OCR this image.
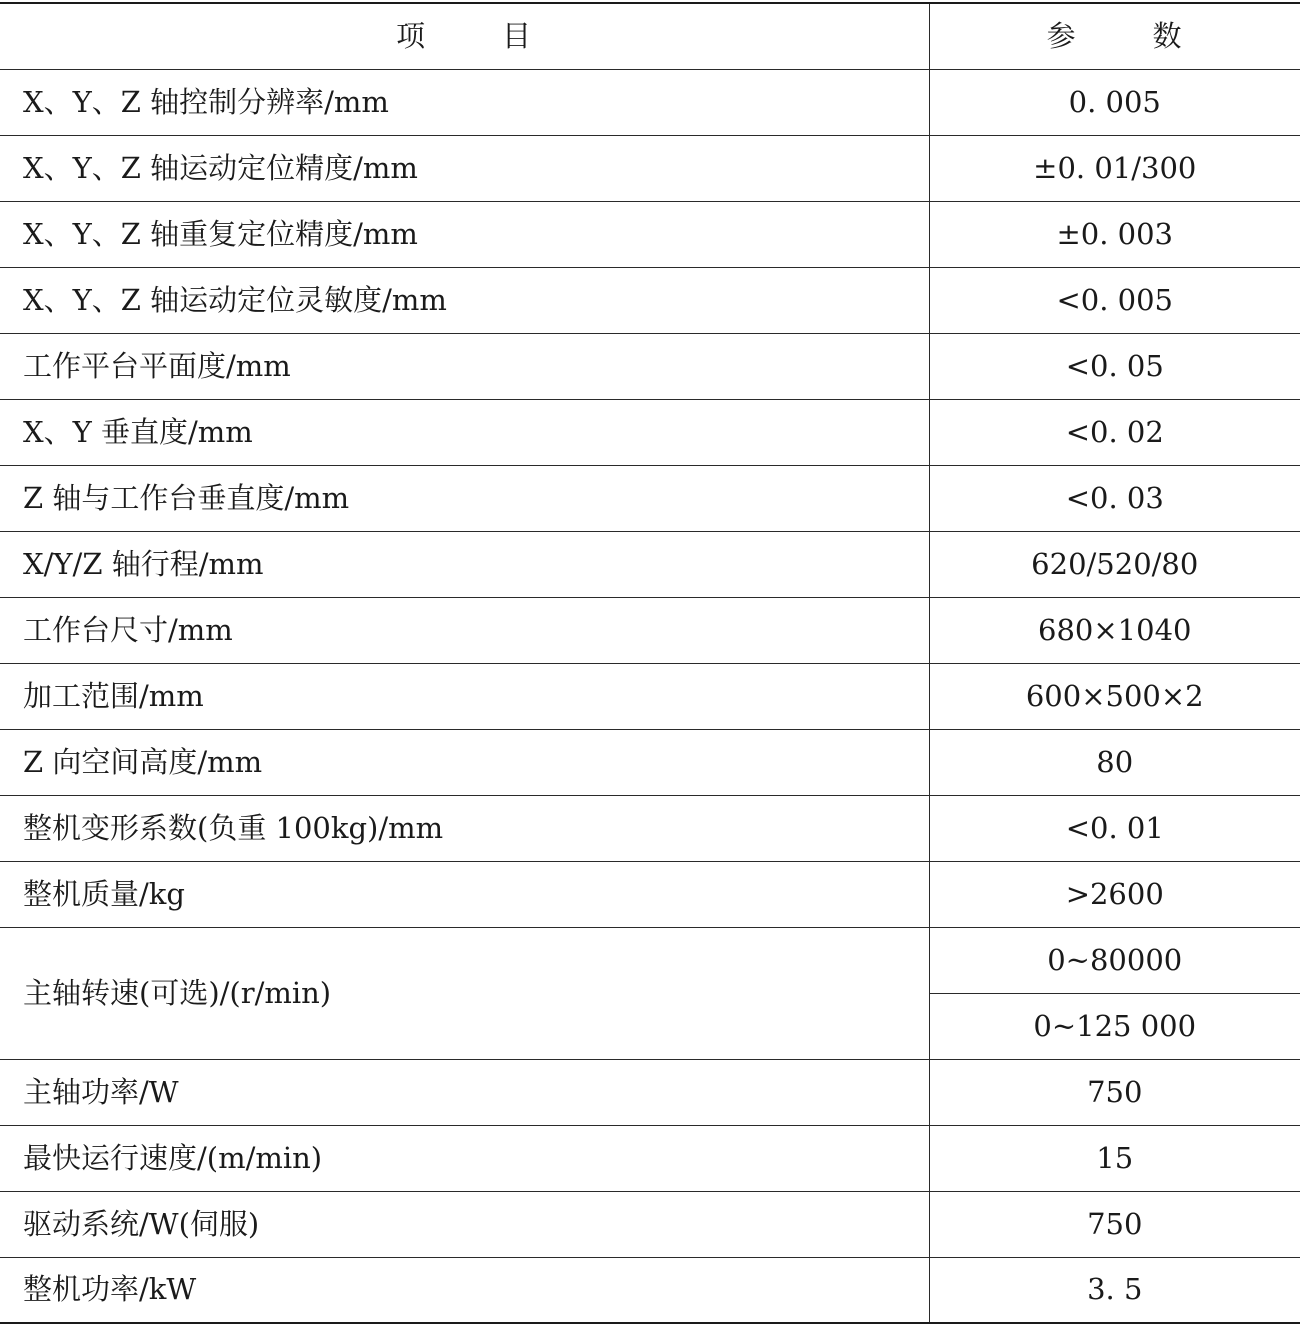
项 目	参 数
X、Y、Z 轴控制分辨率/mm	0. 005
X、Y、Z 轴运动定位精度/mm	±0. 01/300
X、Y、Z 轴重复定位精度/mm	±0. 003
X、Y、Z 轴运动定位灵敏度/mm	<0. 005
工作平台平面度/mm	<0. 05
X、Y 垂直度/mm	<0. 02
Z 轴与工作台垂直度/mm	<0. 03
X/Y/Z 轴行程/mm	620/520/80
工作台尺寸/mm	680×1040
加工范围/mm	600×500×2
Z 向空间高度/mm	80
整机变形系数(负重 100kg)/mm	<0. 01
整机质量/kg	>2600
主轴转速(可选)/(r/min)	0~80000
	0~125 000
主轴功率/W	750
最快运行速度/(m/min)	15
驱动系统/W(伺服)	750
整机功率/kW	3. 5
